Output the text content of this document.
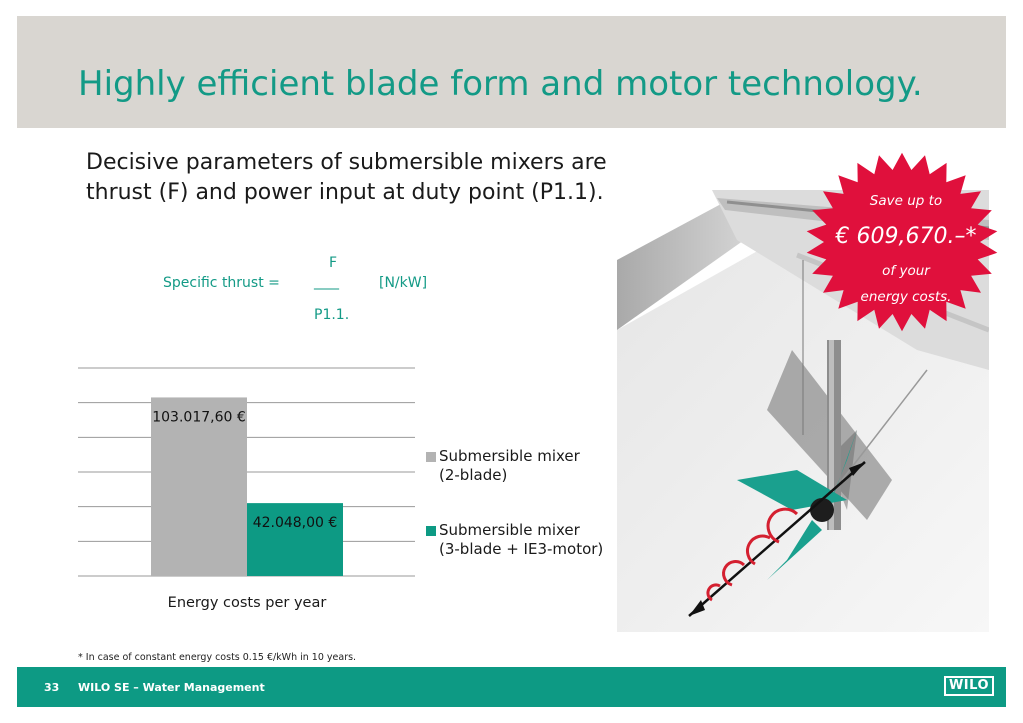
Highly efficient blade form and motor technology.
Decisive parameters of submersible mixers are
thrust (F) and power input at duty point (P1.1).
Specific thrust =
F
____
P1.1.
[N/kW]
103.017,60 €
42.048,00 €
Energy costs per year
Submersible mixer
(2-blade)
Submersible mixer
(3-blade + IE3-motor)
Save up to
€ 609,670.–*
of your
energy costs.
* In case of constant energy costs 0.15 €/kWh in 10 years.
33 WILO SE – Water Management	WILO
